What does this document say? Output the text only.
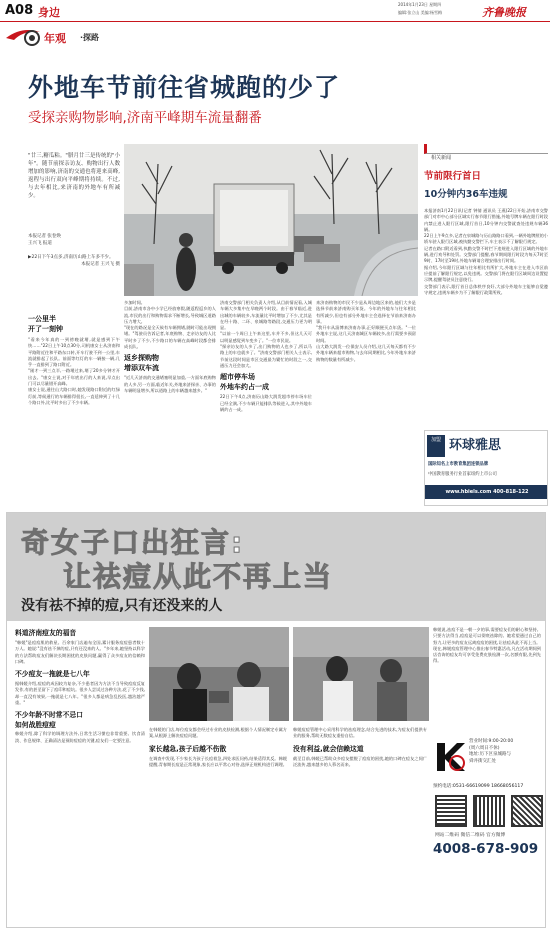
A08 身边
2014年1月23日 星期四
编辑:张立山 美编:杨雪梅	齐鲁晚报
年观 ·探路
外地车节前往省城跑的少了
受探亲购物影响,济南平峰期车流量翻番
"廿三,糖瓜粘。"腊月廿三是传统的"小年"。随节前探亲访友、购物出行人数增加的影响,济南的交通也将迎来高峰,返程与出行双向平峰期将持续。不过,与去年相比,来济南的外地车有所减少。
本报记者 张卷焕
王兴飞 报道
▶22日下午3点多,济南历山路上车多不少。
本报记者 王兴飞 摄
一公里半
开了一刻钟
"看来今年真的一到傍晚就堵,就是感到下午快……"22日上午10点30分,司机康女士从济南和平路附近往和平路东口转,开车行驶不到一公里,车流就排起了长队。前面等红灯的车一辆接一辆,几乎一直排到了路口附近。
"刚才一到三点半,一路堵过来,堵了20多分钟才开出去。"康女士说,对于年底出行的人来说,早点出门可以尽量错开高峰。
康女士说,通往山大路口时,她发现路口附近的红绿灯前,等候通行的车辆排得很长,一直延伸到了十几个路口外,比平时多出了不少车辆。
多加时间。
目前,济南市各中小学已经放寒假,随返程返乡的人流,市民的出行和购物需求不断增长,导致城区道路压力增大。
"现在的路况是全天候有车辆拥堵,随时可能出现拥堵。"驾驶员告诉记者,年底购物、走亲访友的人比平时多了不少,不少路口的车辆在高峰时段都会排成长队。
返乡探购物
增添双车流
"近几天济南的交通堵塞明显加重,一方面年底购物的人多,另一方面,临近年关,外地来济探亲、办事的车辆明显增多,所以道路上的车辆越来越多。"
济南交警部门相关负责人介绍,从目前情况看,入城车辆大多集中在早晚两个时段。由于春节临近,进出城的车辆较多,车流量比平时增加了不少,尤其是在经十路、二环、泉城路等路段,交通压力更为明显。
"以前一个周日上午来这里,车并不多,但这几天可以明显感觉到车变多了。"一位市民说。
"探亲访友的人多了,出门购物的人也多了,所以马路上的车也就多了。"济南交警部门相关人士表示,节前这段时间是市区交通最为繁忙的时段之一,交通压力还会加大。
超市停车场
外地车约占一成
22日下午4点,济南历山路大润发超市停车场车位已经全满,不少车辆只能排队等候进入,其中外地车辆约占一成。
来济南购物的市民不少是从周边地区来的,他们大多是选择节前来济南购买年货。今年的外地车与往年相比有所减少,但也有部分外地车主会选择在节前来济南办事。
"我开车从淄博来济南办事,正好顺便买点年货。"一位外地车主说,这几天济南城区车辆较多,出行需要多预留时间。
山大路大润发一位保安人员介绍,这几天每天都有不少外地车辆来超市购物,与去年同期相比,今年外地车来济购物的数量有所减少。
相关新闻
节前限行首日
10分钟内36车违规
本报济南1月22日讯(记者 钟倩 通讯员 王燕)22日开始,济南市交警部门对市中心部分区域实行春节限行措施,外地号牌车辆在限行时段内禁止进入限行区域,限行首日,10分钟内交警就查处违规车辆36辆。
22日上午9点多,记者在泉城路与历山路路口看到,一辆外地牌照的小轿车驶入限行区域,被执勤交警拦下,车主表示不了解限行规定。
记者在路口附近看到,执勤交警不时拦下违规进入限行区域的外地车辆,进行劝导和处罚。交警部门提醒,春节期间限行时段为每天7时至9时、17时至19时,外地车辆请合理安排出行时间。
据介绍,今年限行区域与往年相比有所扩大,外地车主在进入市区前应提前了解限行规定,以免违规。交警部门将在限行区域周边设置提示牌,提醒驾驶员注意绕行。
交警部门表示,限行首日总体秩序良好,大部分外地车主能够自觉遵守规定,违规车辆多为不了解限行政策所致。
加盟 环球雅思
国际知名上市教育集团连锁品牌
中国教育服务行业首家纽约上市公司
www.hbiels.com 400-818-122
奇女子口出狂言:
让祛痘从此不再上当
没有祛不掉的痘,只有还没来的人
料道济南痘友的福音
"韩媛"是痘痘肌的救星。百余家门店遍布全国,累计服务痘痘患者数十万人。她说:"没有祛不掉的痘,只有还没来的人。"多年来,她坚持以科学的方法帮助痘友们解决长期困扰的皮肤问题,赢得了众多痘友的信赖和口碑。
不少痘友一拖就是七八年
据韩媛介绍,痘痘的成因较为复杂,不少患者因为方法不当导致痘痘反复发作,有的甚至留下了痘印和痘坑。很多人尝试过各种方法,花了不少钱,却一直没有效果,一拖就是七八年。"很多人都是病急乱投医,越治越严重。"
不少年龄不时常不忌口
如何战胜痘痘
韩媛介绍,除了科学的调理方法外,日常生活习惯也非常重要。饮食清淡、作息规律、正确清洁是预防痘痘的关键,痘友们一定要注意。
在韩媛的门店,每位痘友都会经过专业的皮肤检测,根据个人情况制定专属方案,从根源上解决痘痘问题。
家长越急,孩子后越不伤散
在调查中发现,不少家长为孩子长痘着急,四处求医问药,结果适得其反。韩媛提醒,青春期长痘是正常现象,家长应以平常心对待,选择正规机构进行调理。
韩媛痘痘管理中心采用科学的祛痘理念,结合先进的技术,为痘友们提供专业的服务,帮助无数痘友重拾自信。
没有利益,就会信赖这道
截至目前,韩媛已帮助众多痘友摆脱了痘痘的困扰,她的口碑在痘友之间广泛流传,越来越多的人慕名而来。
韩媛说,祛痘不是一朝一夕的事,需要痘友们的耐心和坚持。只要方法得当,痘痘是可以彻底祛除的。她希望通过自己的努力,让更多的痘友远离痘痘的困扰,让祛痘从此不再上当。
现在,韩媛痘痘管理中心推出春节特惠活动,凡在活动期间到店咨询的痘友均可享受免费皮肤检测一次,名额有限,先到先得。
营业时间:9:00-20:00
(周六周日不休)
地址:历下区泉城路与
舜井街交汇处
预约电话:0531-66619099 18668056117
网站二维码 微信二维码 官方微博
4008-678-909
